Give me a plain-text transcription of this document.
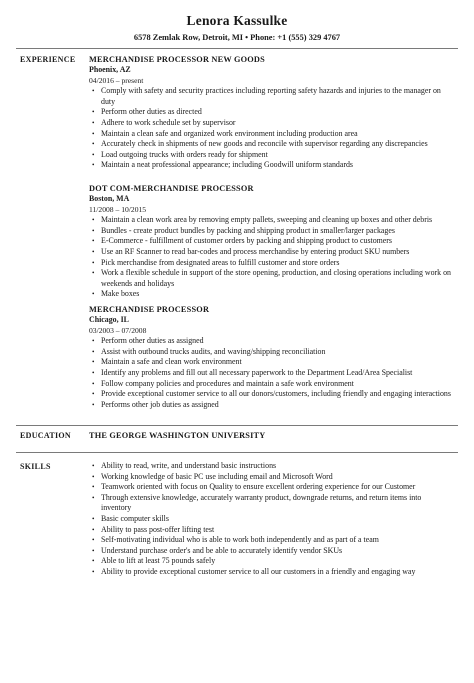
Lenora Kassulke
6578 Zemlak Row, Detroit, MI • Phone: +1 (555) 329 4767
EXPERIENCE MERCHANDISE PROCESSOR NEW GOODS
Phoenix, AZ
04/2016 – present
• Comply with safety and security practices including reporting safety hazards and injuries to the manager on duty
• Perform other duties as directed
• Adhere to work schedule set by supervisor
• Maintain a clean safe and organized work environment including production area
• Accurately check in shipments of new goods and reconcile with supervisor regarding any discrepancies
• Load outgoing trucks with orders ready for shipment
• Maintain a neat professional appearance; including Goodwill uniform standards
DOT COM-MERCHANDISE PROCESSOR
Boston, MA
11/2008 – 10/2015
• Maintain a clean work area by removing empty pallets, sweeping and cleaning up boxes and other debris
• Bundles - create product bundles by packing and shipping product in smaller/larger packages
• E-Commerce - fulfillment of customer orders by packing and shipping product to customers
• Use an RF Scanner to read bar-codes and process merchandise by entering product SKU numbers
• Pick merchandise from designated areas to fulfill customer and store orders
• Work a flexible schedule in support of the store opening, production, and closing operations including work on weekends and holidays
• Make boxes
MERCHANDISE PROCESSOR
Chicago, IL
03/2003 – 07/2008
• Perform other duties as assigned
• Assist with outbound trucks audits, and waving/shipping reconciliation
• Maintain a safe and clean work environment
• Identify any problems and fill out all necessary paperwork to the Department Lead/Area Specialist
• Follow company policies and procedures and maintain a safe work environment
• Provide exceptional customer service to all our donors/customers, including friendly and engaging interactions
• Performs other job duties as assigned
EDUCATION THE GEORGE WASHINGTON UNIVERSITY
SKILLS
•	Ability to read, write, and understand basic instructions
• Working knowledge of basic PC use including email and Microsoft Word
• Teamwork oriented with focus on Quality to ensure excellent ordering experience for our Customer
• Through extensive knowledge, accurately warranty product, downgrade returns, and return items into inventory
• Basic computer skills
• Ability to pass post-offer lifting test
• Self-motivating individual who is able to work both independently and as part of a team
• Understand purchase order's and be able to accurately identify vendor SKUs
• Able to lift at least 75 pounds safely
• Ability to provide exceptional customer service to all our customers in a friendly and engaging way
